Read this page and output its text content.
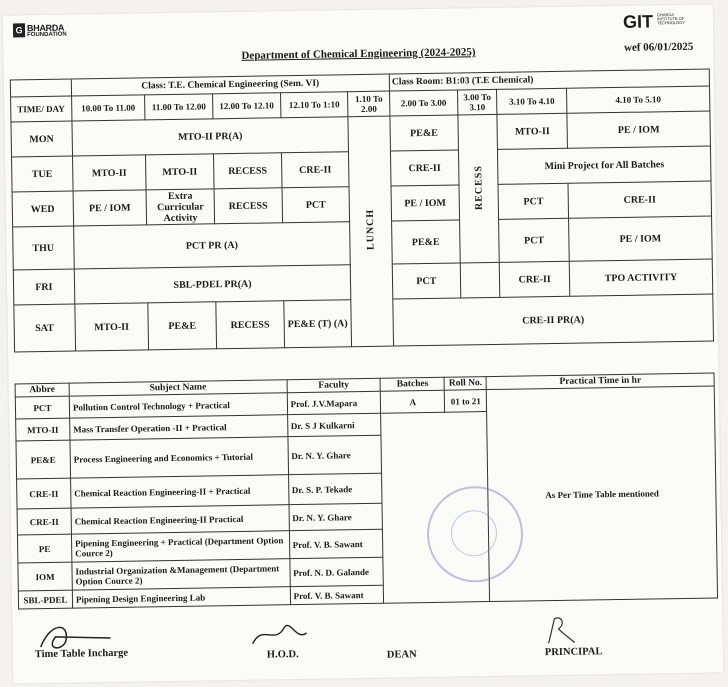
G BHARDA
FOUNDATION
Department of Chemical Engineering (2024-2025)
GIT GHARDA INSTITUTE OF TECHNOLOGY
wef 06/01/2025
	Class: T.E. Chemical Engineering (Sem. VI)					Class Room: B1:03 (T.E Chemical)			
TIME/ DAY	10.00 To 11.00	11.00 To 12.00	12.00 To 12.10	12.10 To 1:10	1.10 To 2.00	2.00 To 3.00	3.00 To 3.10	3.10 To 4.10	4.10 To 5.10
MON	MTO-II PR(A)				LUNCH	PE&E	RECESS	MTO-II	PE / IOM
TUE	MTO-II	MTO-II	RECESS	CRE-II		CRE-II		Mini Project for All Batches	
WED	PE / IOM	Extra Curricular Activity	RECESS	PCT		PE / IOM		PCT	CRE-II
THU	PCT PR (A)					PE&E		PCT	PE / IOM
FRI	SBL-PDEL PR(A)					PCT		CRE-II	TPO ACTIVITY
SAT	MTO-II	PE&E	RECESS	PE&E (T) (A)		CRE-II PR(A)			
Abbre	Subject Name	Faculty	Batches	Roll No.	Practical Time in hr
PCT	Pollution Control Technology + Practical	Prof. J.V.Mapara	A	01 to 21	As Per Time Table mentioned
MTO-II	Mass Transfer Operation -II + Practical	Dr. S J Kulkarni			
PE&E	Process Engineering and Economics + Tutorial	Dr. N. Y. Ghare			
CRE-II	Chemical Reaction Engineering-II + Practical	Dr. S. P. Tekade			
CRE-II	Chemical Reaction Engineering-II Practical	Dr. N. Y. Ghare			
PE	Pipening Engineering + Practical (Department Option Cource 2)	Prof. V. B. Sawant			
IOM	Industrial Organization &Management (Department Option Cource 2)	Prof. N. D. Galande			
SBL-PDEL	Pipening Design Engineering Lab	Prof. V. B. Sawant			
Time Table Incharge	H.O.D.	DEAN	PRINCIPAL
